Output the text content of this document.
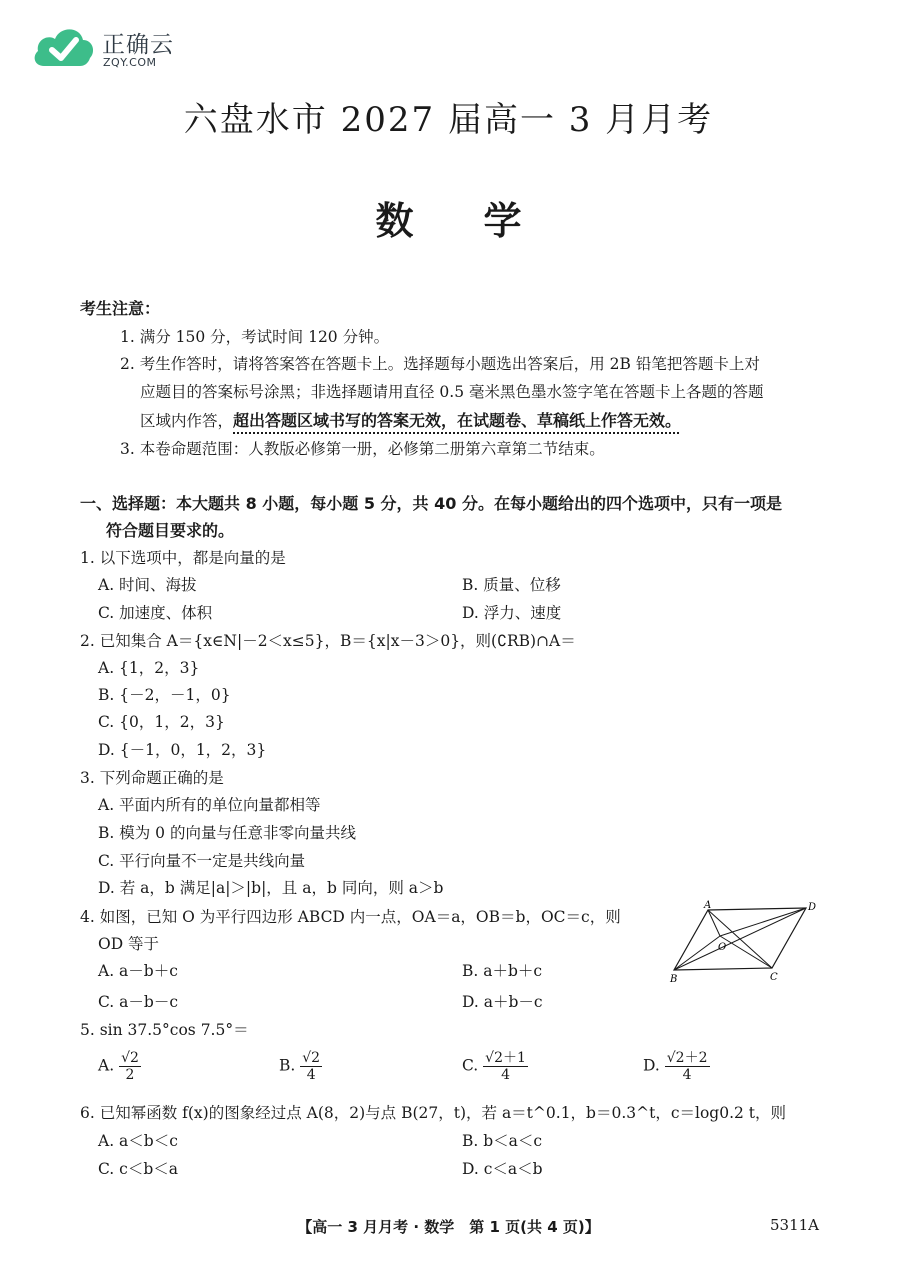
正确云
ZQY.COM
六盘水市 2027 届高一 3 月月考
数学
考生注意：
1. 满分 150 分，考试时间 120 分钟。
2. 考生作答时，请将答案答在答题卡上。选择题每小题选出答案后，用 2B 铅笔把答题卡上对
应题目的答案标号涂黑；非选择题请用直径 0.5 毫米黑色墨水签字笔在答题卡上各题的答题
区域内作答，超出答题区域书写的答案无效，在试题卷、草稿纸上作答无效。
3. 本卷命题范围：人教版必修第一册，必修第二册第六章第二节结束。
一、选择题：本大题共 8 小题，每小题 5 分，共 40 分。在每小题给出的四个选项中，只有一项是
符合题目要求的。
1. 以下选项中，都是向量的是
A. 时间、海拔	B. 质量、位移
C. 加速度、体积	D. 浮力、速度
2. 已知集合 A＝{x∈N|－2＜x≤5}，B＝{x|x－3＞0}，则(∁RB)∩A＝
A. {1，2，3}
B. {－2，－1，0}
C. {0，1，2，3}
D. {－1，0，1，2，3}
3. 下列命题正确的是
A. 平面内所有的单位向量都相等
B. 模为 0 的向量与任意非零向量共线
C. 平行向量不一定是共线向量
D. 若 a，b 满足|a|＞|b|，且 a，b 同向，则 a＞b
4. 如图，已知 O 为平行四边形 ABCD 内一点，OA＝a，OB＝b，OC＝c，则
OD 等于
A. a－b＋c	B. a＋b＋c
C. a－b－c	D. a＋b－c
A	D
B	C
O
5. sin 37.5°cos 7.5°＝
A. $\frac{√2}{2}$	B. $\frac{√2}{4}$	C. $\frac{√2+1}{4}$	D. $\frac{√2+2}{4}$
6. 已知幂函数 f(x)的图象经过点 A(8，2)与点 B(27，t)，若 a＝t^0.1，b＝0.3^t，c＝log0.2 t，则
A. a＜b＜c	B. b＜a＜c
C. c＜b＜a	D. c＜a＜b
【高一 3 月月考 · 数学　第 1 页(共 4 页)】	5311A
